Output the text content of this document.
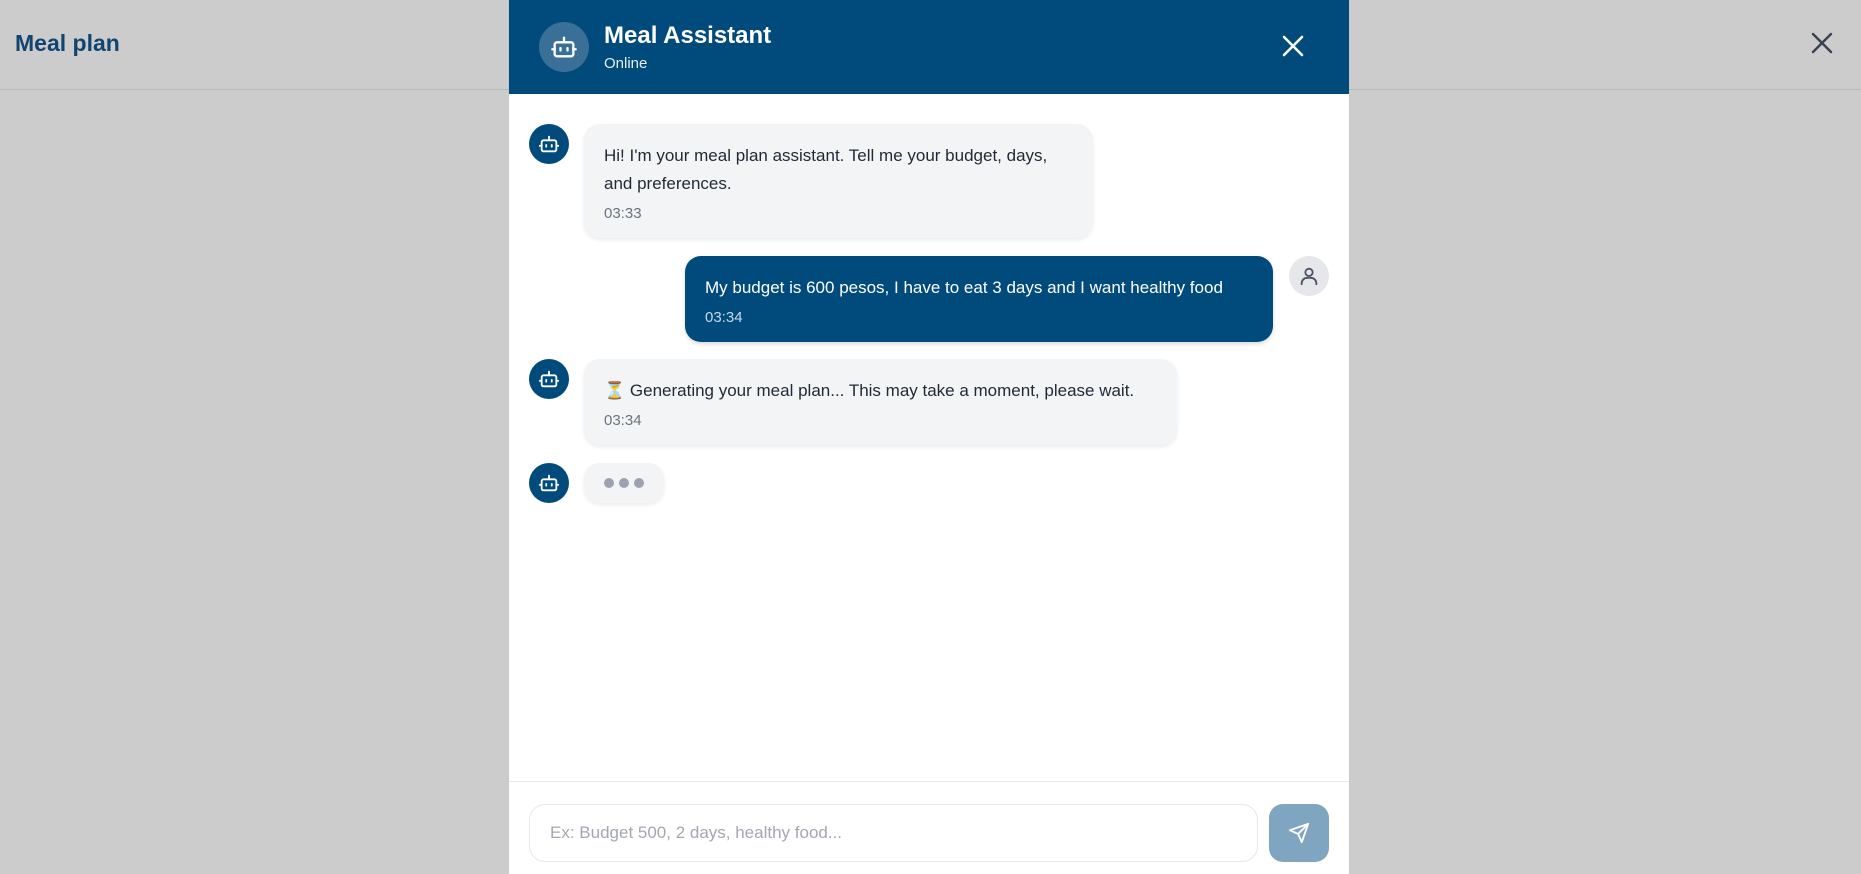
Meal plan	Meal Assistant
Online
Hi! I'm your meal plan assistant. Tell me your budget, days, and preferences.
03:33
My budget is 600 pesos, I have to eat 3 days and I want healthy food
03:34
⏳ Generating your meal plan... This may take a moment, please wait.
03:34
Ex: Budget 500, 2 days, healthy food...
